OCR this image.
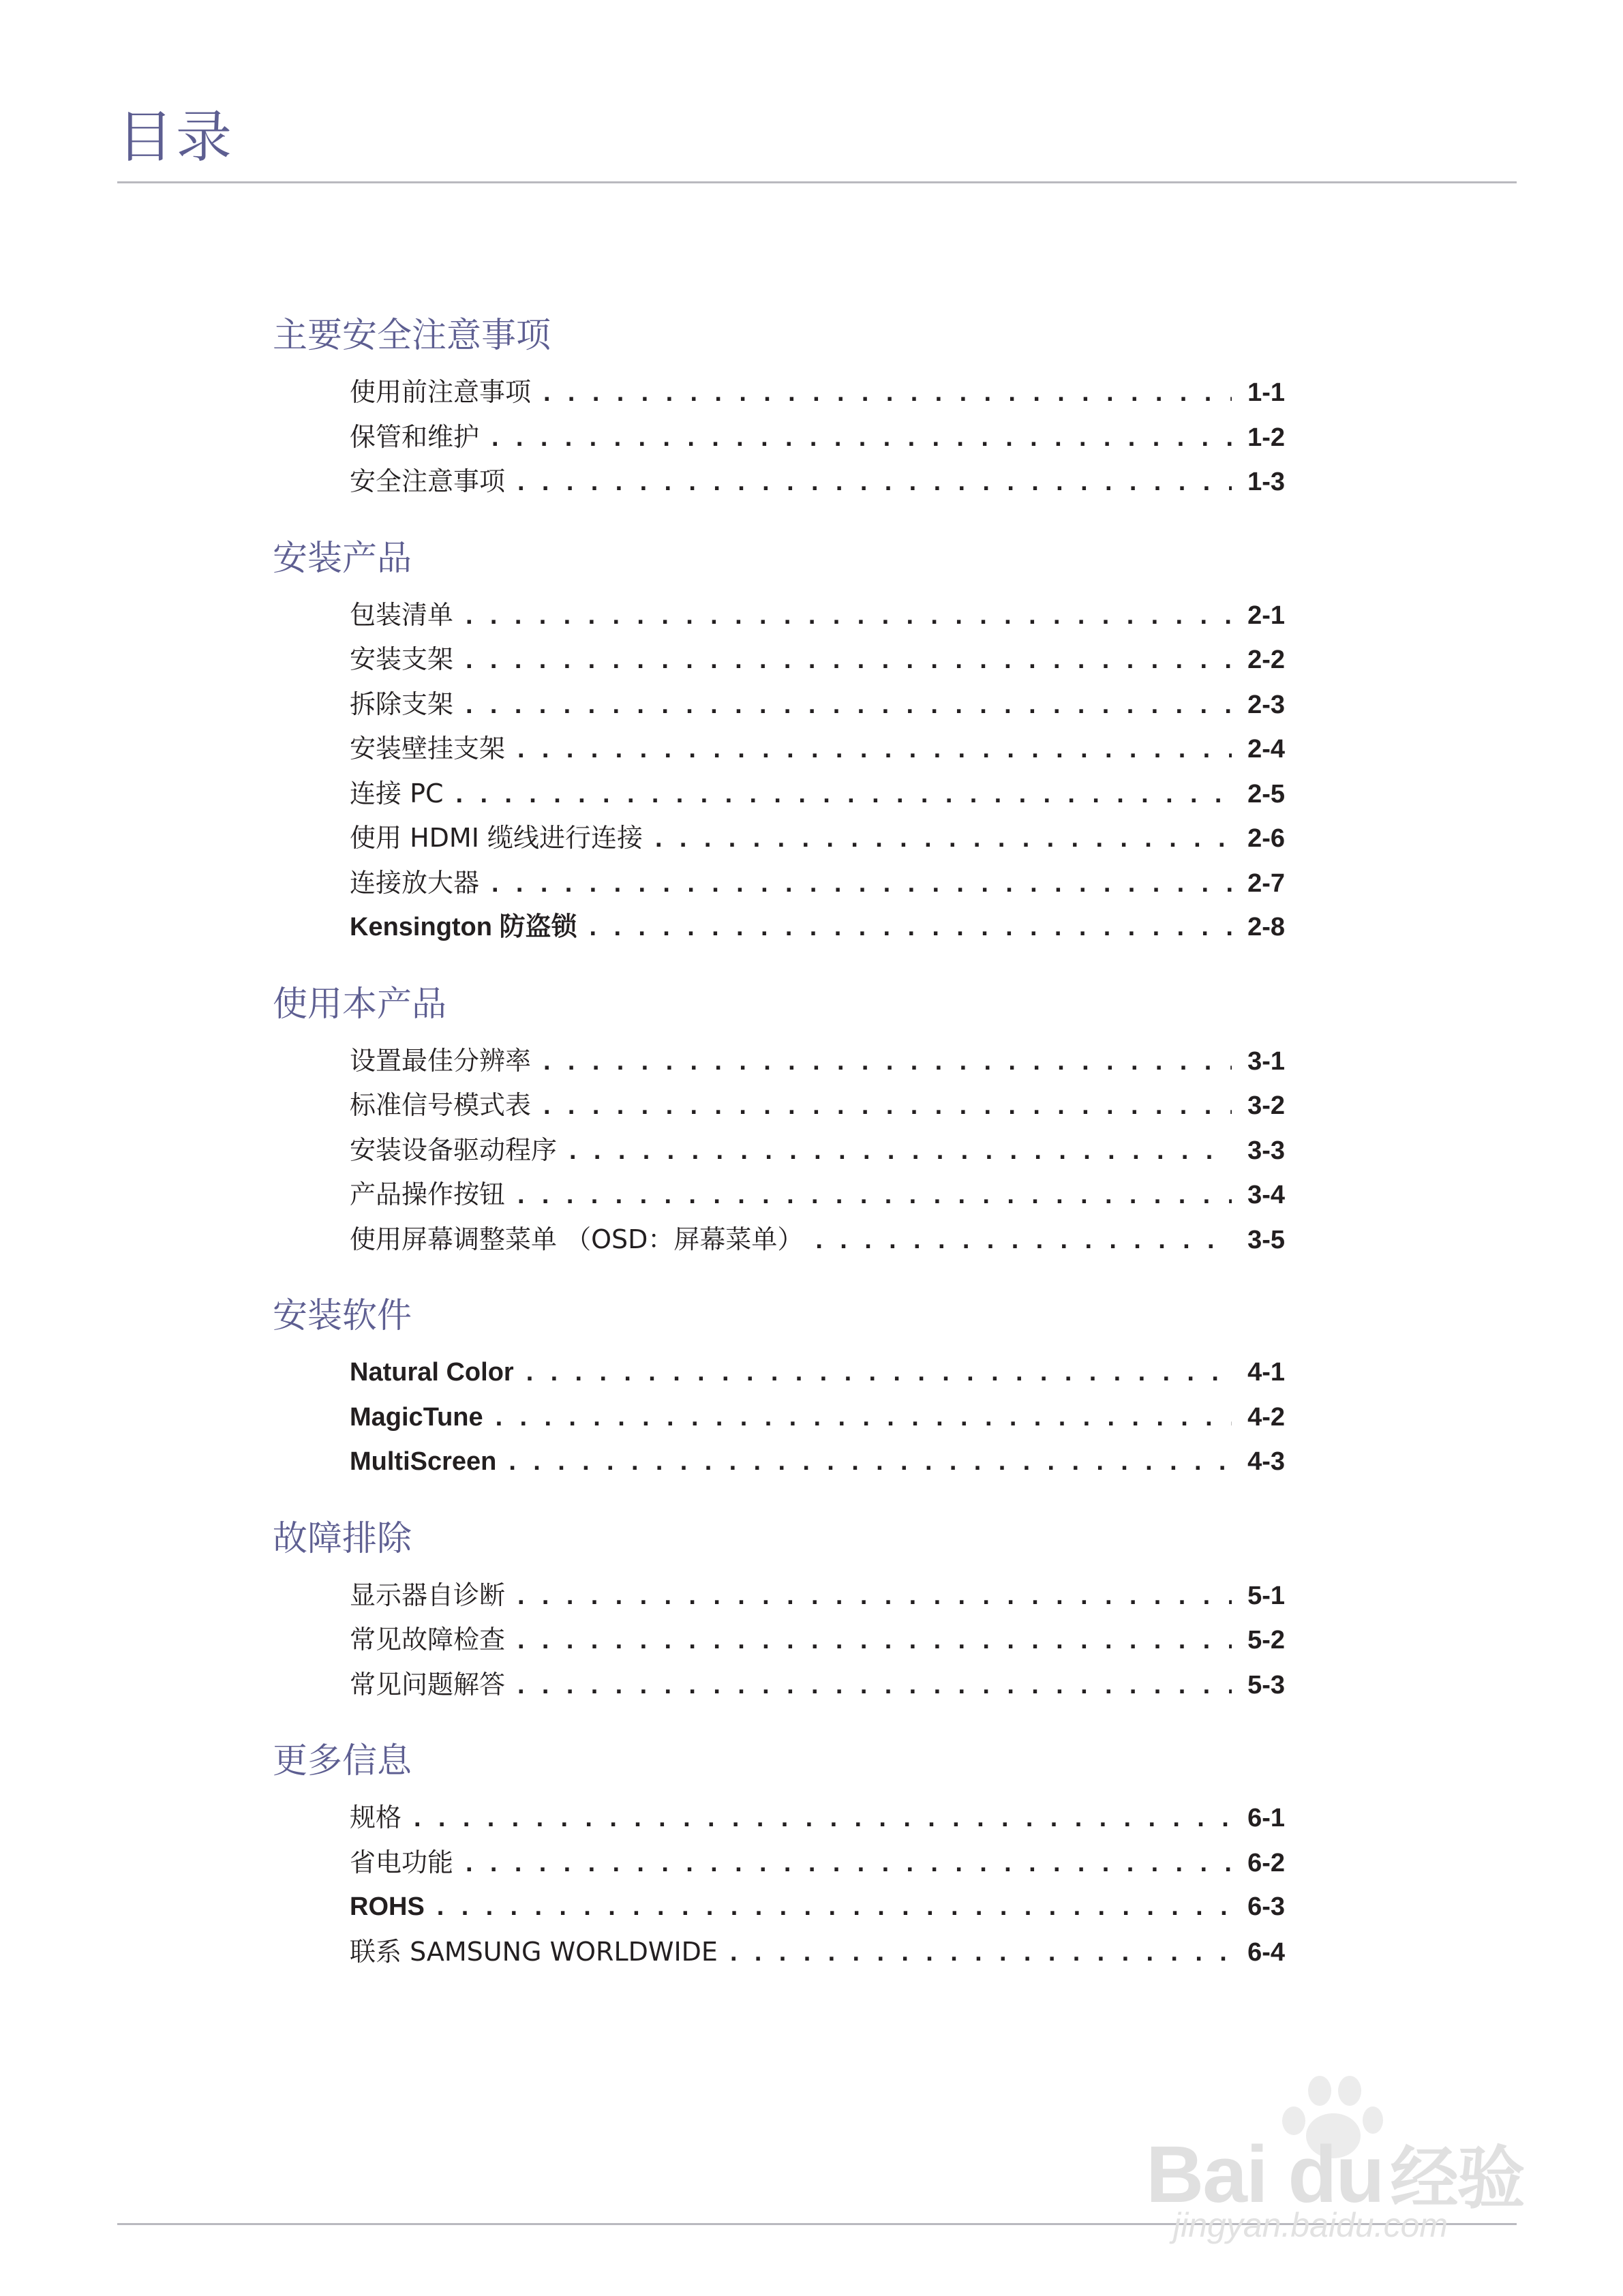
目录
主要安全注意事项
使用前注意事项 . . .	1-1
保管和维护 . . .	1-2
安全注意事项 . . .	1-3
安装产品
包装清单 . . .	2-1
安装支架 . . .	2-2
拆除支架 . . .	2-3
安装壁挂支架 . . .	2-4
连接 PC . . .	2-5
使用 HDMI 缆线进行连接 . . .	2-6
连接放大器 . . .	2-7
Kensington 防盗锁 . . .	2-8
使用本产品
设置最佳分辨率 . . .	3-1
标准信号模式表 . . .	3-2
安装设备驱动程序 . . .	3-3
产品操作按钮 . . .	3-4
使用屏幕调整菜单 （OSD：屏幕菜单） . . .	3-5
安装软件
Natural Color . . .	4-1
MagicTune . . .	4-2
MultiScreen . . .	4-3
故障排除
显示器自诊断 . . .	5-1
常见故障检查 . . .	5-2
常见问题解答 . . .	5-3
更多信息
规格 . . .	6-1
省电功能 . . .	6-2
ROHS . . .	6-3
联系 SAMSUNG WORLDWIDE . . .	6-4
Bai du 经验
jingyan.baidu.com
